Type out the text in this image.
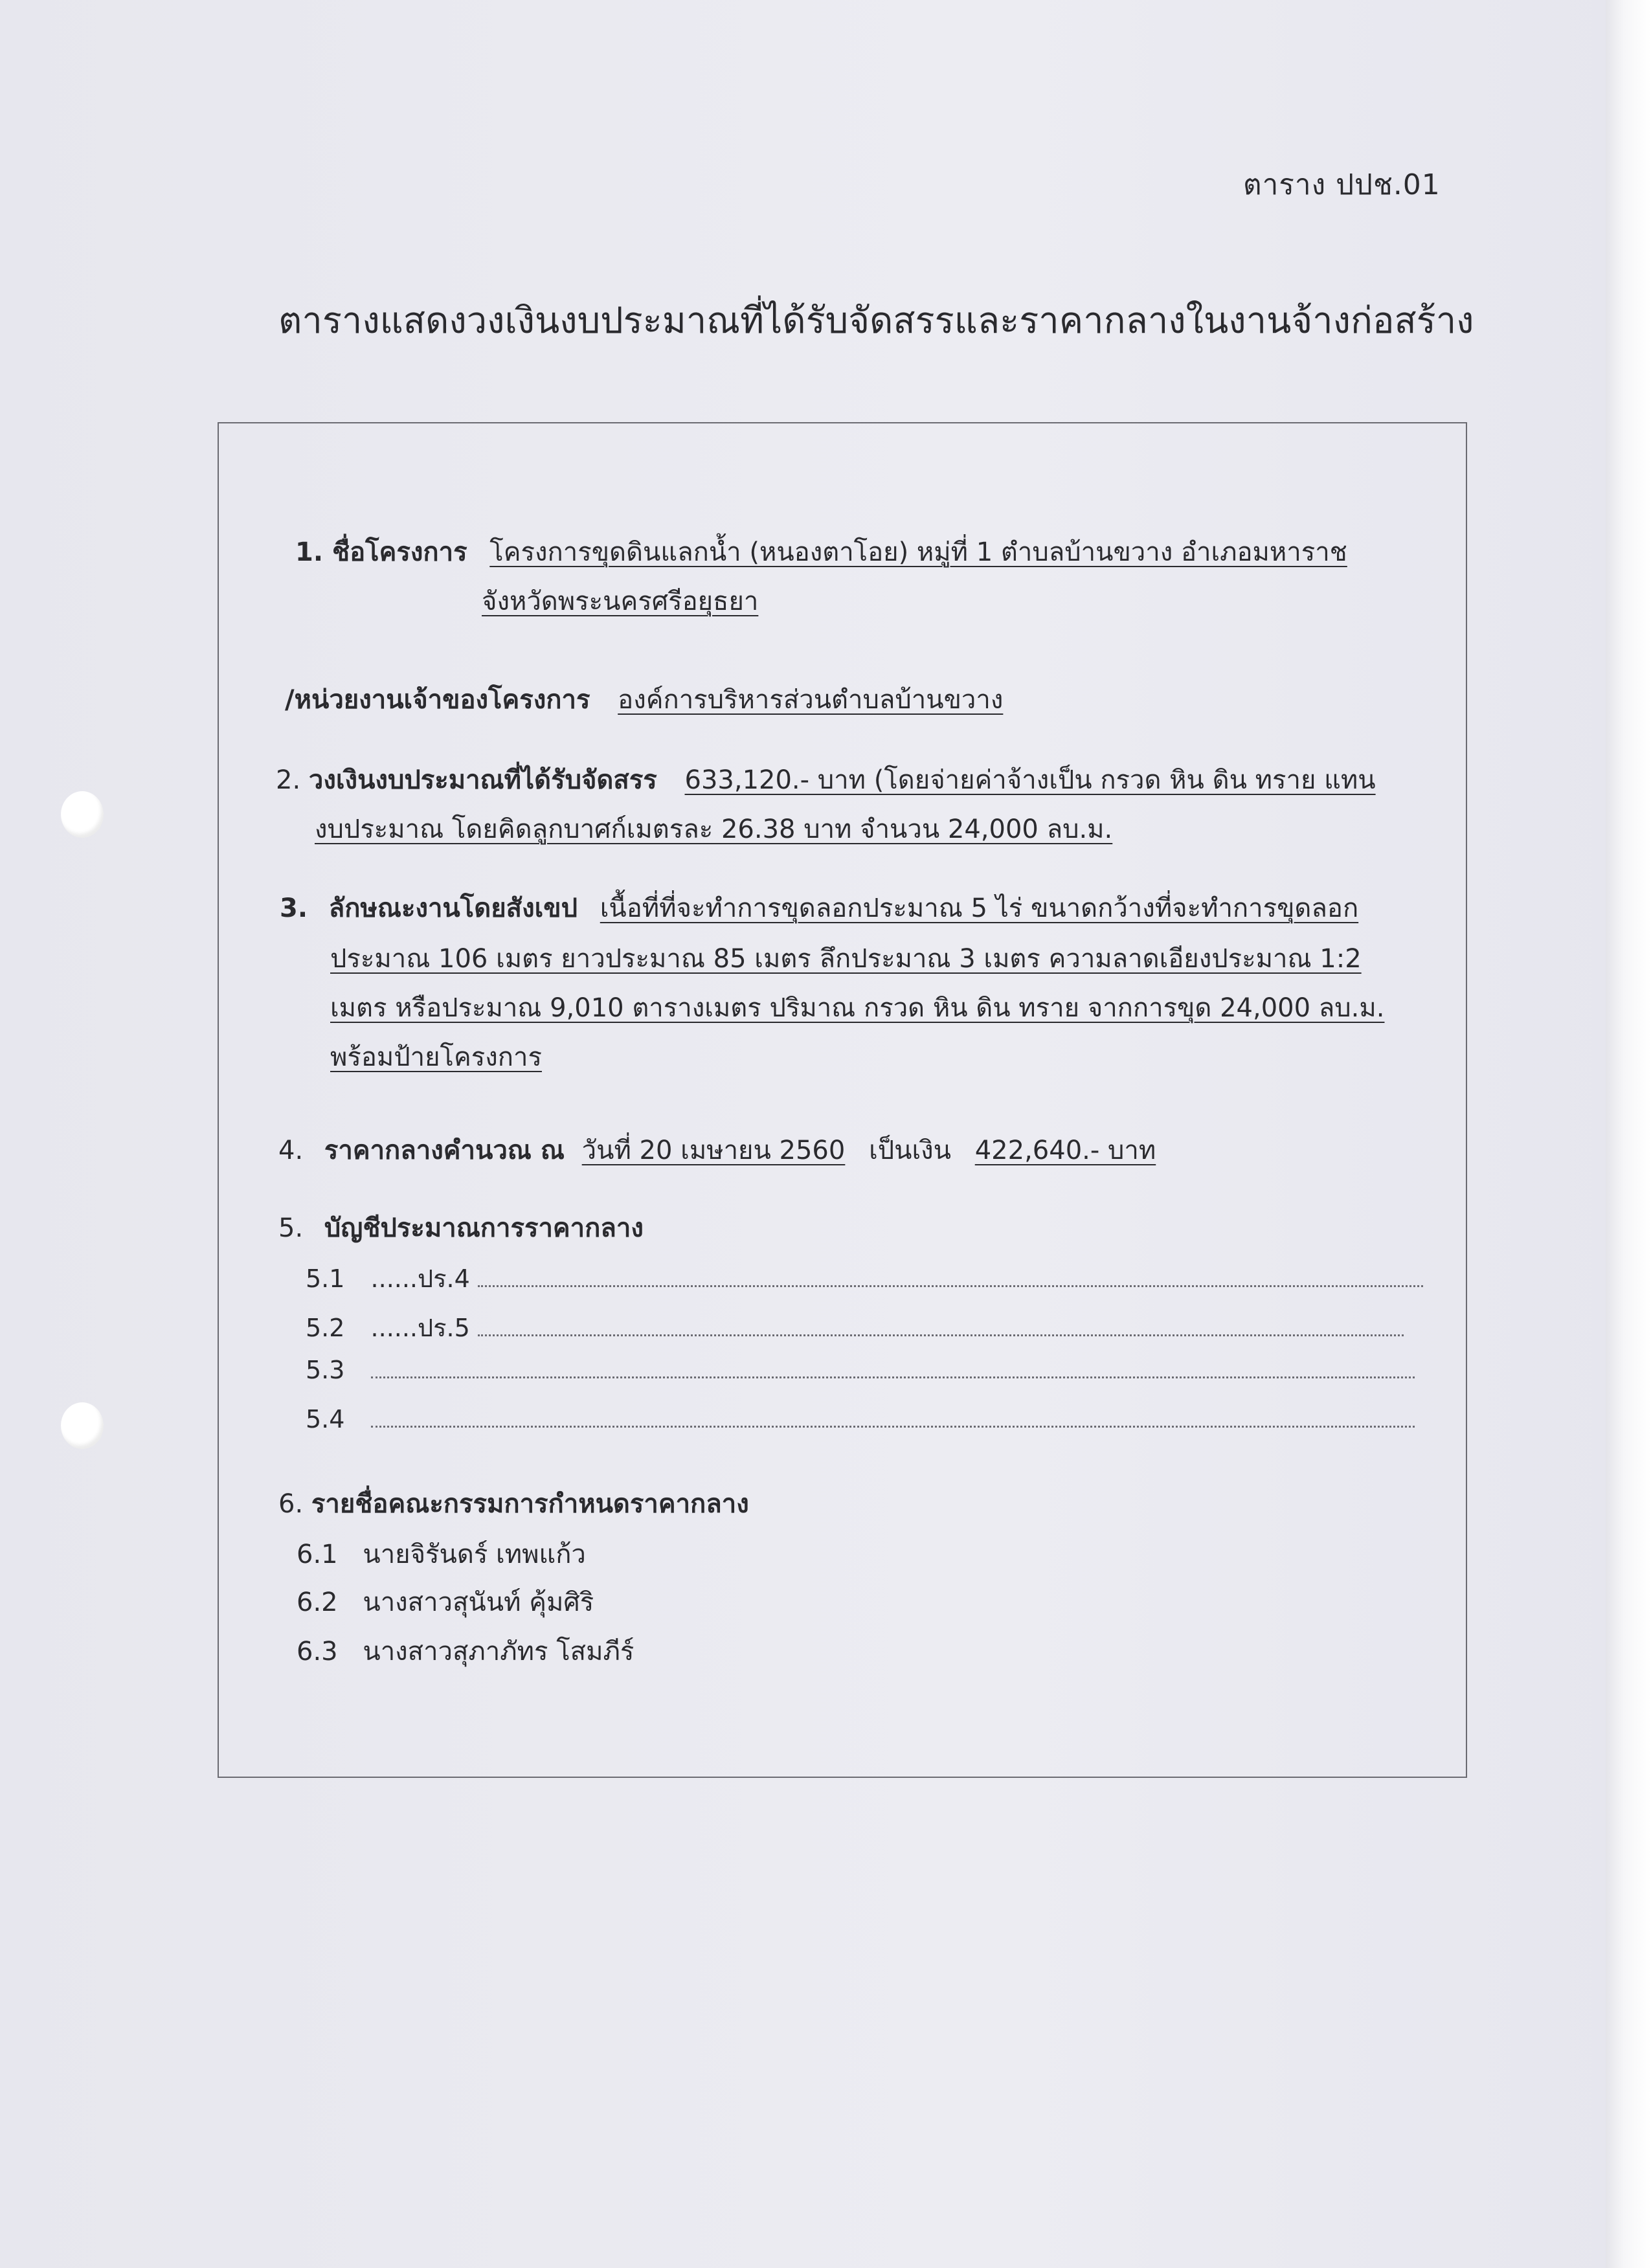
ตาราง ปปช.01
ตารางแสดงวงเงินงบประมาณที่ได้รับจัดสรรและราคากลางในงานจ้างก่อสร้าง
1. ชื่อโครงการ โครงการขุดดินแลกน้ำ (หนองตาโอย) หมู่ที่ 1 ตำบลบ้านขวาง อำเภอมหาราช
จังหวัดพระนครศรีอยุธยา
/หน่วยงานเจ้าของโครงการ องค์การบริหารส่วนตำบลบ้านขวาง
2. วงเงินงบประมาณที่ได้รับจัดสรร 633,120.- บาท (โดยจ่ายค่าจ้างเป็น กรวด หิน ดิน ทราย แทน
งบประมาณ โดยคิดลูกบาศก์เมตรละ 26.38 บาท จำนวน 24,000 ลบ.ม.
3. ลักษณะงานโดยสังเขป เนื้อที่ที่จะทำการขุดลอกประมาณ 5 ไร่ ขนาดกว้างที่จะทำการขุดลอก
ประมาณ 106 เมตร ยาวประมาณ 85 เมตร ลึกประมาณ 3 เมตร ความลาดเอียงประมาณ 1:2
เมตร หรือประมาณ 9,010 ตารางเมตร ปริมาณ กรวด หิน ดิน ทราย จากการขุด 24,000 ลบ.ม.
พร้อมป้ายโครงการ
4. ราคากลางคำนวณ ณ วันที่ 20 เมษายน 2560 เป็นเงิน 422,640.- บาท
5. บัญชีประมาณการราคากลาง
5.1 ......ปร.4
5.2 ......ปร.5
5.3
5.4
6. รายชื่อคณะกรรมการกำหนดราคากลาง
6.1 นายจิรันดร์ เทพแก้ว
6.2 นางสาวสุนันท์ คุ้มศิริ
6.3 นางสาวสุภาภัทร โสมภีร์
